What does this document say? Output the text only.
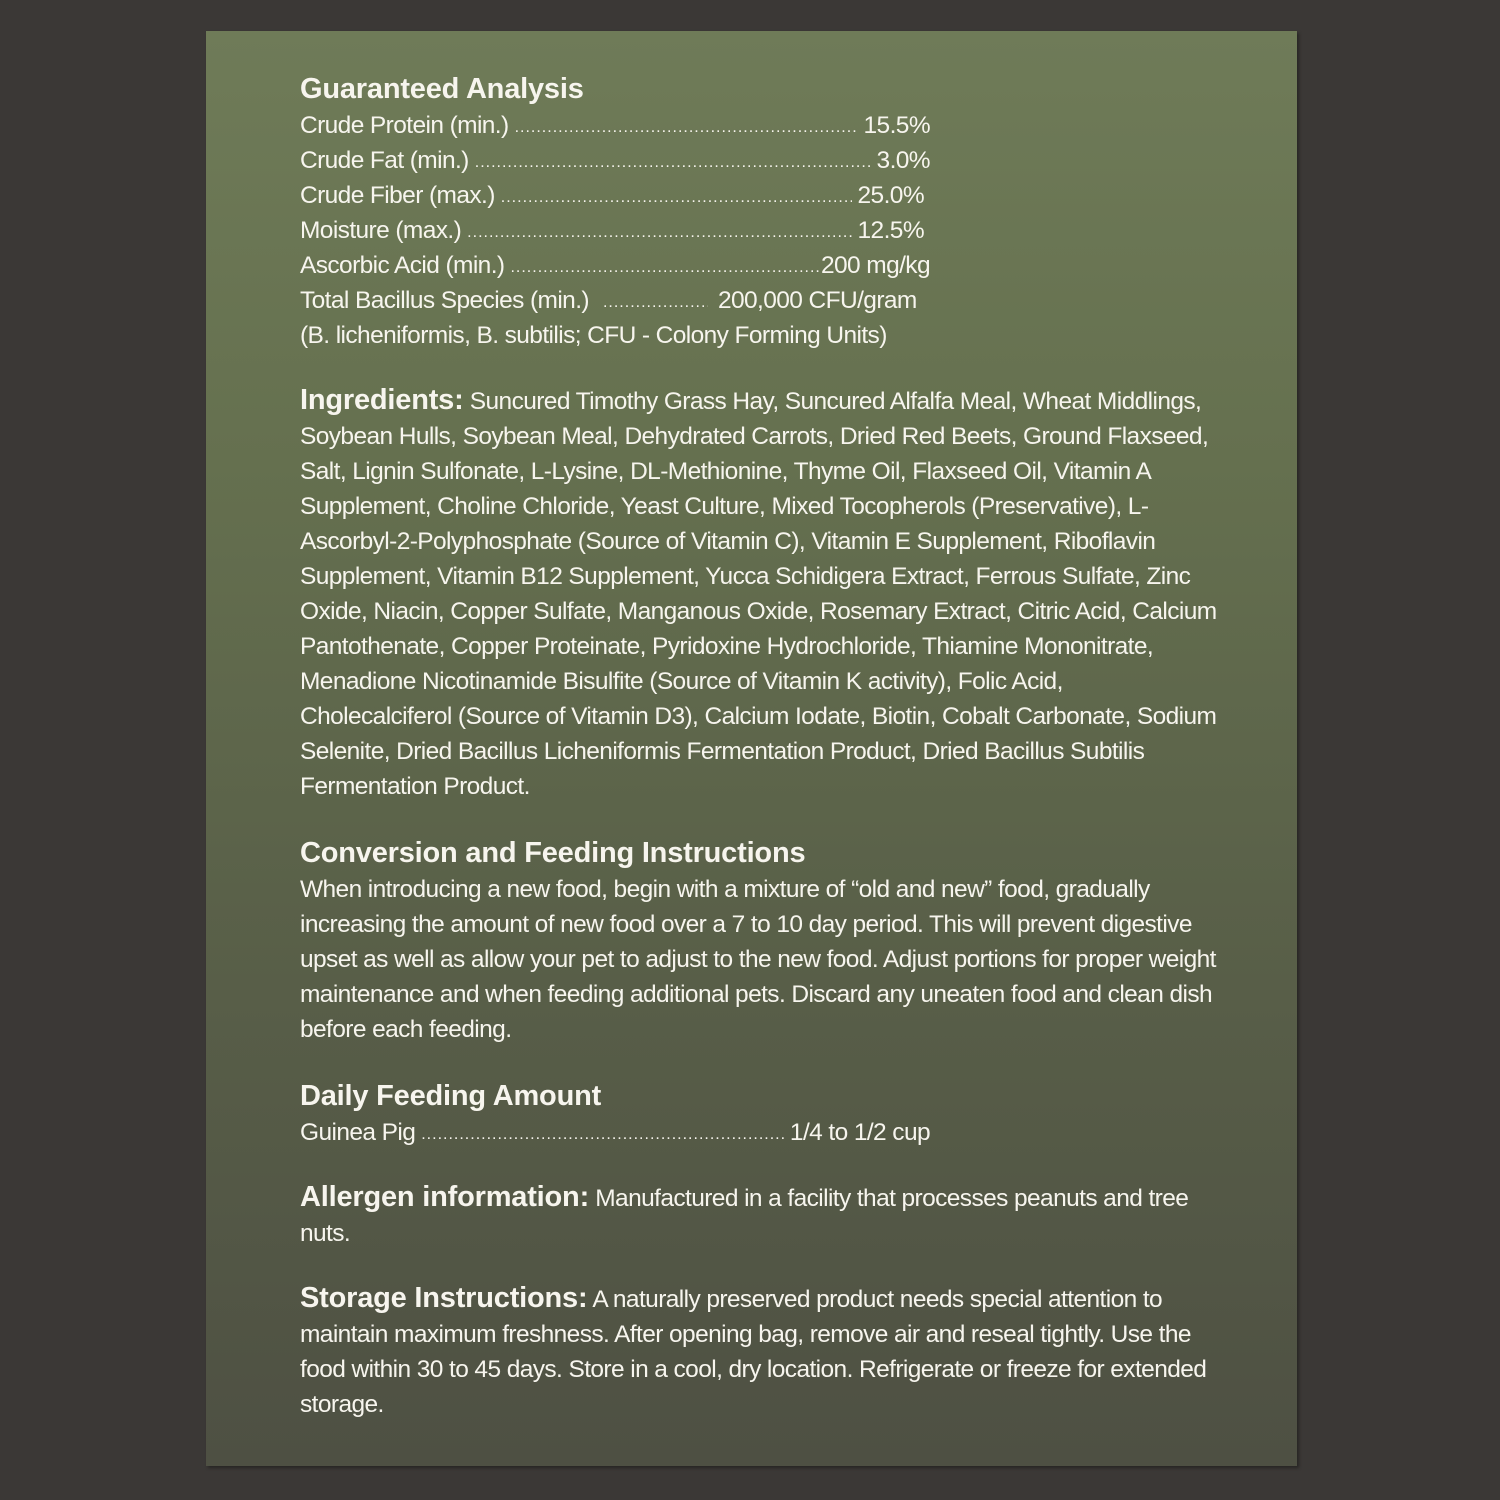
Guaranteed Analysis
Crude Protein (min.) .....	15.5%
Crude Fat (min.) .....	3.0%
Crude Fiber (max.) .....	25.0%
Moisture (max.) .....	12.5%
Ascorbic Acid (min.) .....	200 mg/kg
Total Bacillus Species (min.) .....	200,000 CFU/gram
(B. licheniformis, B. subtilis; CFU - Colony Forming Units)

Ingredients: Suncured Timothy Grass Hay, Suncured Alfalfa Meal, Wheat Middlings, Soybean Hulls, Soybean Meal, Dehydrated Carrots, Dried Red Beets, Ground Flaxseed, Salt, Lignin Sulfonate, L-Lysine, DL-Methionine, Thyme Oil, Flaxseed Oil, Vitamin A Supplement, Choline Chloride, Yeast Culture, Mixed Tocopherols (Preservative), L-Ascorbyl-2-Polyphosphate (Source of Vitamin C), Vitamin E Supplement, Riboflavin Supplement, Vitamin B12 Supplement, Yucca Schidigera Extract, Ferrous Sulfate, Zinc Oxide, Niacin, Copper Sulfate, Manganous Oxide, Rosemary Extract, Citric Acid, Calcium Pantothenate, Copper Proteinate, Pyridoxine Hydrochloride, Thiamine Mononitrate, Menadione Nicotinamide Bisulfite (Source of Vitamin K activity), Folic Acid, Cholecalciferol (Source of Vitamin D3), Calcium Iodate, Biotin, Cobalt Carbonate, Sodium Selenite, Dried Bacillus Licheniformis Fermentation Product, Dried Bacillus Subtilis Fermentation Product.

Conversion and Feeding Instructions

When introducing a new food, begin with a mixture of “old and new” food, gradually increasing the amount of new food over a 7 to 10 day period. This will prevent digestive upset as well as allow your pet to adjust to the new food. Adjust portions for proper weight maintenance and when feeding additional pets. Discard any uneaten food and clean dish before each feeding.

Daily Feeding Amount
Guinea Pig .....	1/4 to 1/2 cup

Allergen information: Manufactured in a facility that processes peanuts and tree nuts.

Storage Instructions: A naturally preserved product needs special attention to maintain maximum freshness. After opening bag, remove air and reseal tightly. Use the food within 30 to 45 days. Store in a cool, dry location. Refrigerate or freeze for extended storage.
